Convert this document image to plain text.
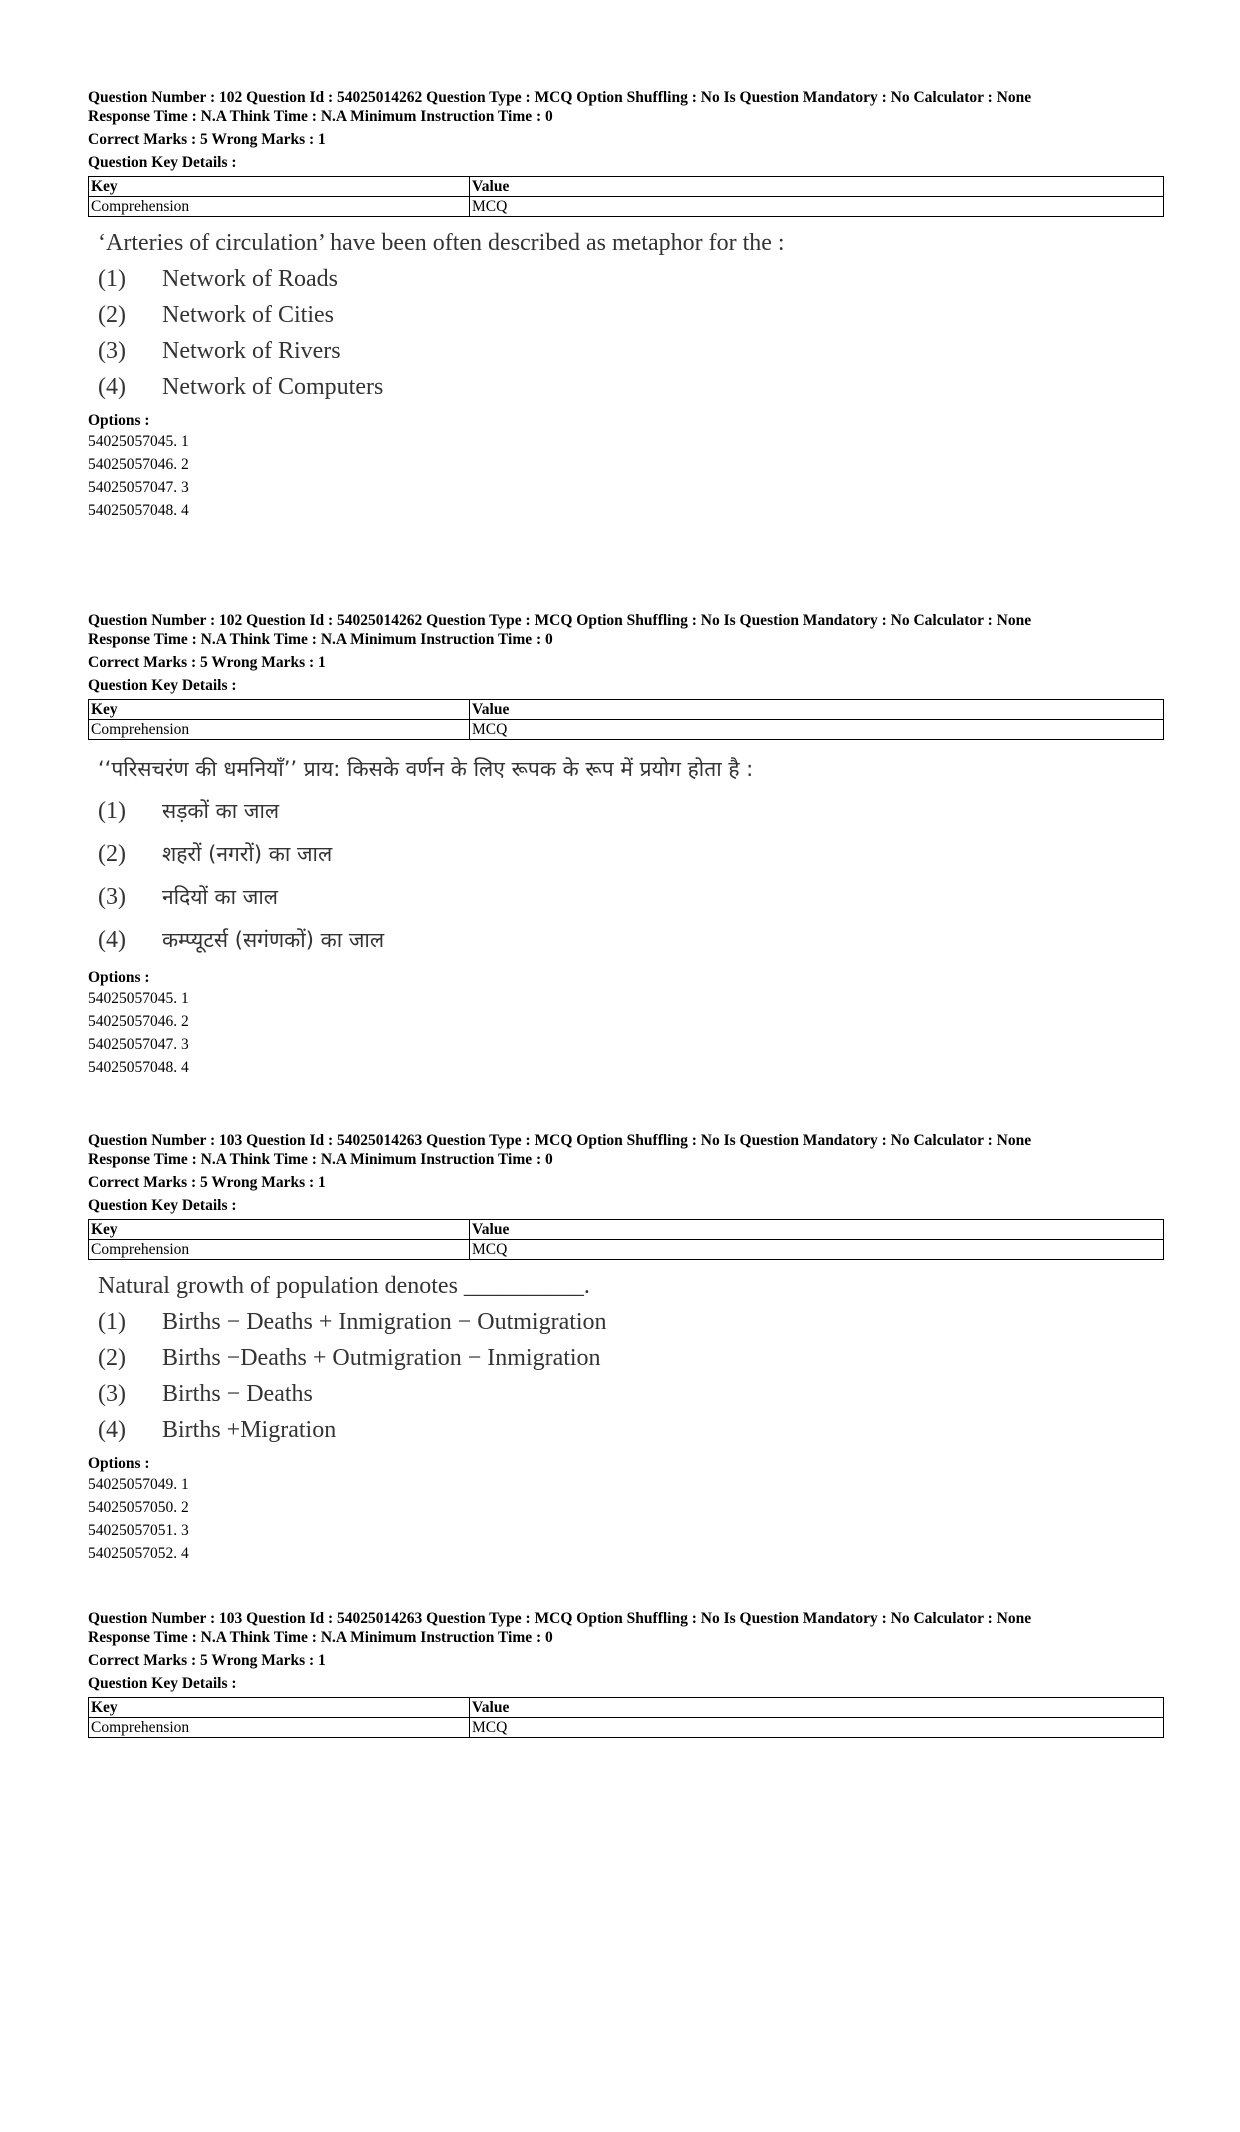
Question Number : 102 Question Id : 54025014262 Question Type : MCQ Option Shuffling : No Is Question Mandatory : No Calculator : None
Response Time : N.A Think Time : N.A Minimum Instruction Time : 0
Correct Marks : 5 Wrong Marks : 1
Question Key Details :
Key	Value
Comprehension	MCQ
‘Arteries of circulation’ have been often described as metaphor for the :
(1)	Network of Roads
(2)	Network of Cities
(3)	Network of Rivers
(4)	Network of Computers
Options :
54025057045. 1
54025057046. 2
54025057047. 3
54025057048. 4
Question Number : 102 Question Id : 54025014262 Question Type : MCQ Option Shuffling : No Is Question Mandatory : No Calculator : None
Response Time : N.A Think Time : N.A Minimum Instruction Time : 0
Correct Marks : 5 Wrong Marks : 1
Question Key Details :
Key	Value
Comprehension	MCQ
‘‘परिसचरंण की धमनियाँ’’ प्राय: किसके वर्णन के लिए रूपक के रूप में प्रयोग होता है :
(1)	सड़कों का जाल
(2)	शहरों (नगरों) का जाल
(3)	नदियों का जाल
(4)	कम्प्यूटर्स (सगंणकों) का जाल
Options :
54025057045. 1
54025057046. 2
54025057047. 3
54025057048. 4
Question Number : 103 Question Id : 54025014263 Question Type : MCQ Option Shuffling : No Is Question Mandatory : No Calculator : None
Response Time : N.A Think Time : N.A Minimum Instruction Time : 0
Correct Marks : 5 Wrong Marks : 1
Question Key Details :
Key	Value
Comprehension	MCQ
Natural growth of population denotes __________.
(1)	Births − Deaths + Inmigration − Outmigration
(2)	Births −Deaths + Outmigration − Inmigration
(3)	Births − Deaths
(4)	Births +Migration
Options :
54025057049. 1
54025057050. 2
54025057051. 3
54025057052. 4
Question Number : 103 Question Id : 54025014263 Question Type : MCQ Option Shuffling : No Is Question Mandatory : No Calculator : None
Response Time : N.A Think Time : N.A Minimum Instruction Time : 0
Correct Marks : 5 Wrong Marks : 1
Question Key Details :
Key	Value
Comprehension	MCQ
